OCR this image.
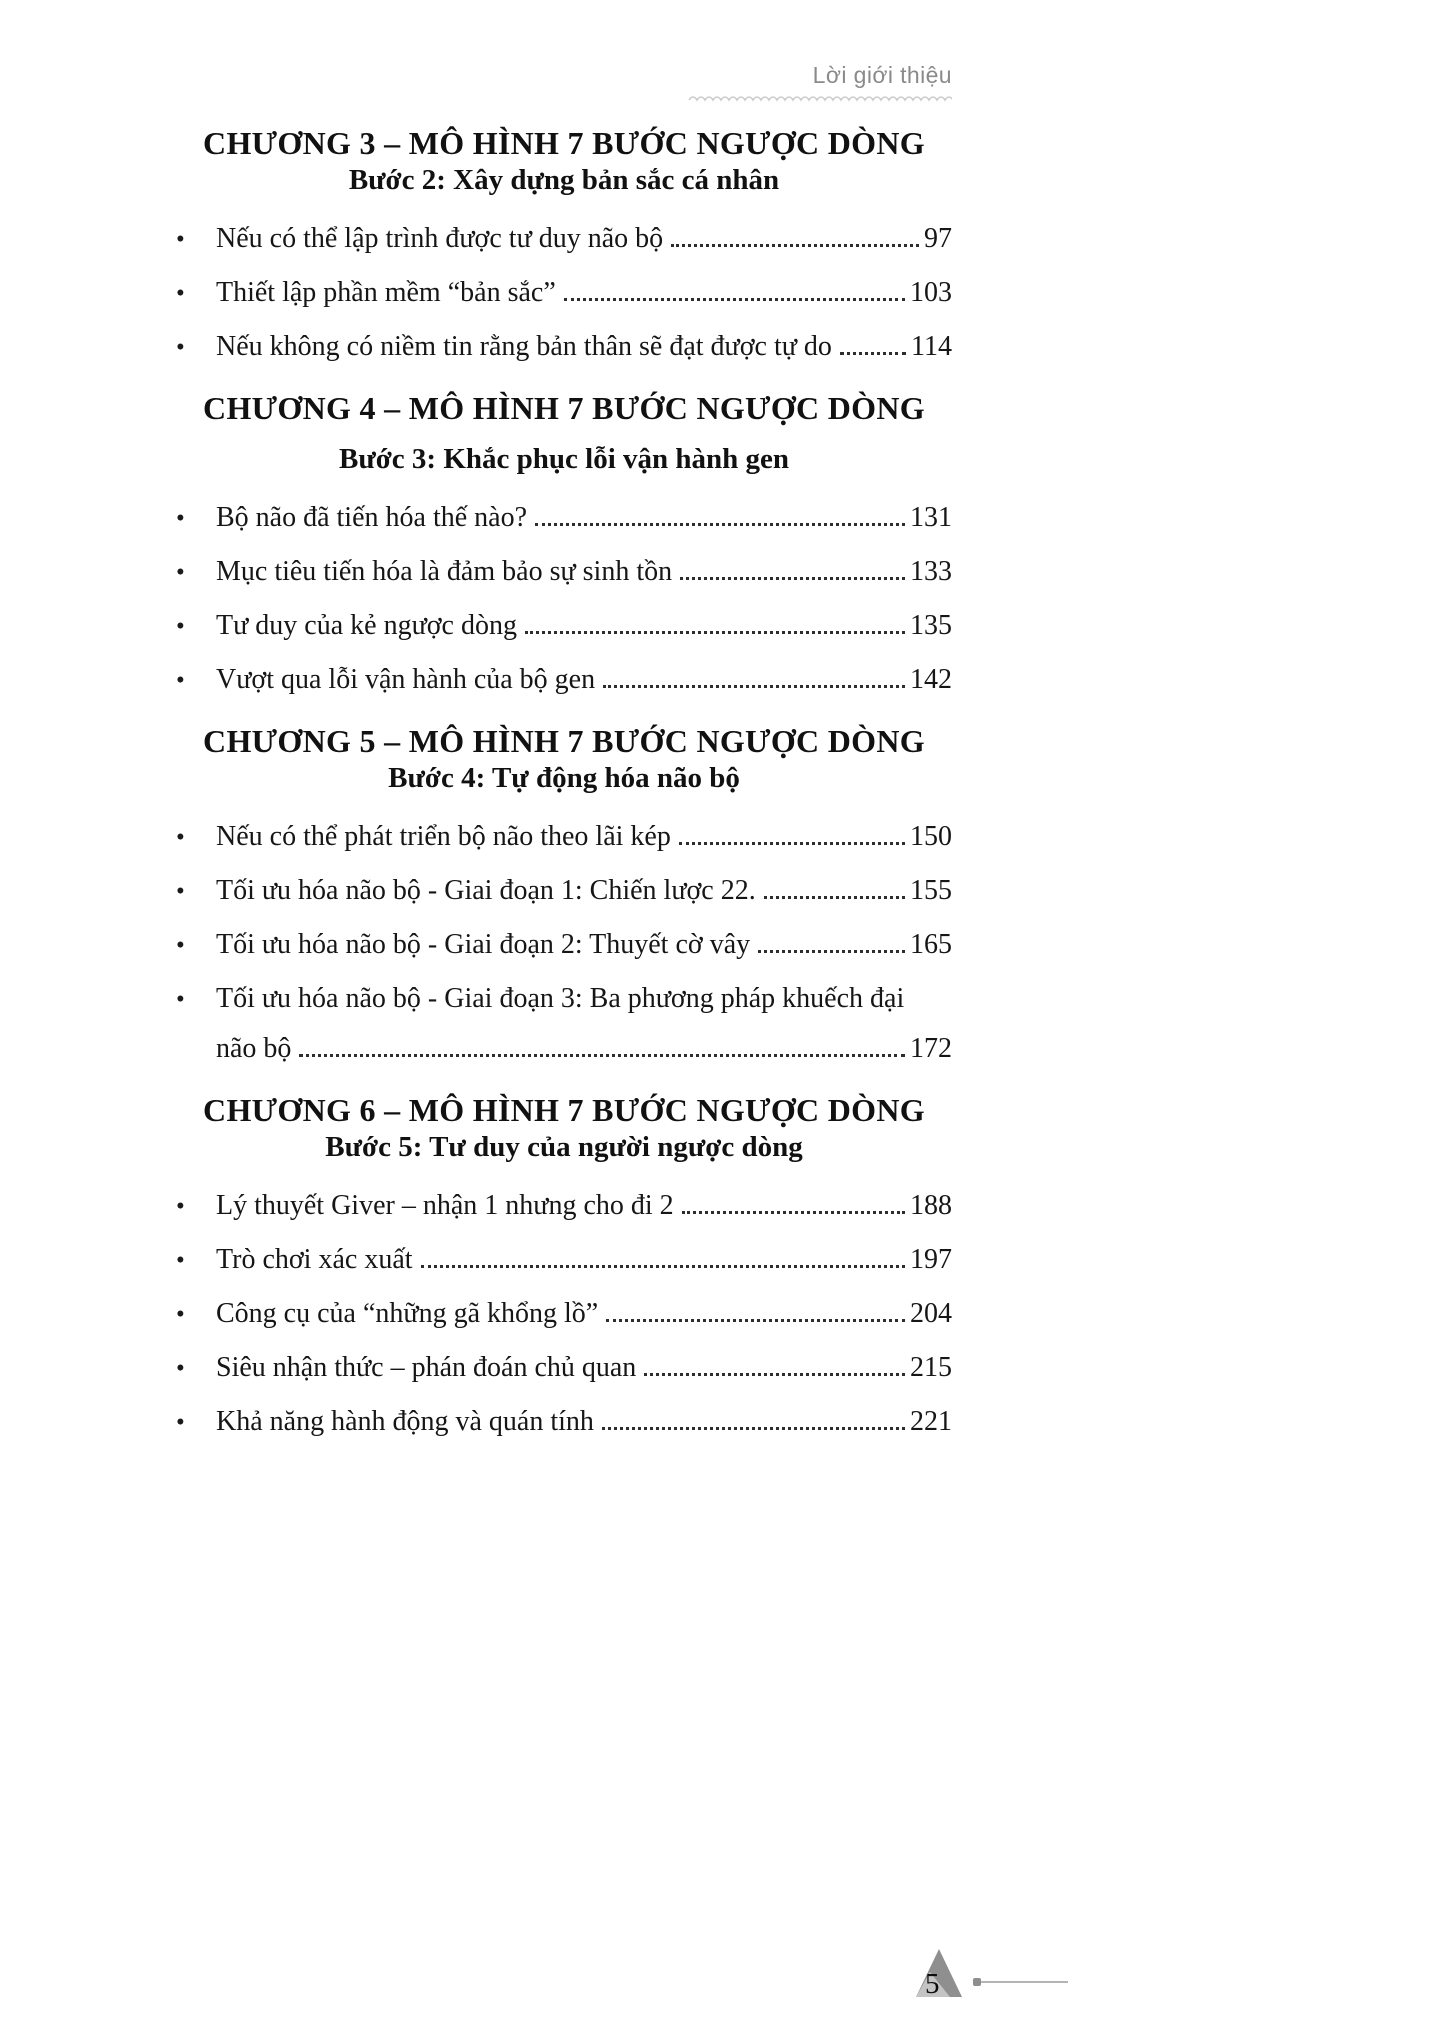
Lời giới thiệu
CHƯƠNG 3 – MÔ HÌNH 7 BƯỚC NGƯỢC DÒNG
Bước 2: Xây dựng bản sắc cá nhân
•	Nếu có thể lập trình được tư duy não bộ	97
•	Thiết lập phần mềm “bản sắc”	103
•	Nếu không có niềm tin rằng bản thân sẽ đạt được tự do	114
CHƯƠNG 4 – MÔ HÌNH 7 BƯỚC NGƯỢC DÒNG
Bước 3: Khắc phục lỗi vận hành gen
•	Bộ não đã tiến hóa thế nào?	131
•	Mục tiêu tiến hóa là đảm bảo sự sinh tồn	133
•	Tư duy của kẻ ngược dòng	135
•	Vượt qua lỗi vận hành của bộ gen	142
CHƯƠNG 5 – MÔ HÌNH 7 BƯỚC NGƯỢC DÒNG
Bước 4: Tự động hóa não bộ
•	Nếu có thể phát triển bộ não theo lãi kép	150
•	Tối ưu hóa não bộ - Giai đoạn 1: Chiến lược 22.	155
•	Tối ưu hóa não bộ - Giai đoạn 2: Thuyết cờ vây	165
•	Tối ưu hóa não bộ - Giai đoạn 3: Ba phương pháp khuếch đại
não bộ	172
CHƯƠNG 6 – MÔ HÌNH 7 BƯỚC NGƯỢC DÒNG
Bước 5: Tư duy của người ngược dòng
•	Lý thuyết Giver – nhận 1 nhưng cho đi 2	188
•	Trò chơi xác xuất	197
•	Công cụ của “những gã khổng lồ”	204
•	Siêu nhận thức – phán đoán chủ quan	215
•	Khả năng hành động và quán tính	221
5
